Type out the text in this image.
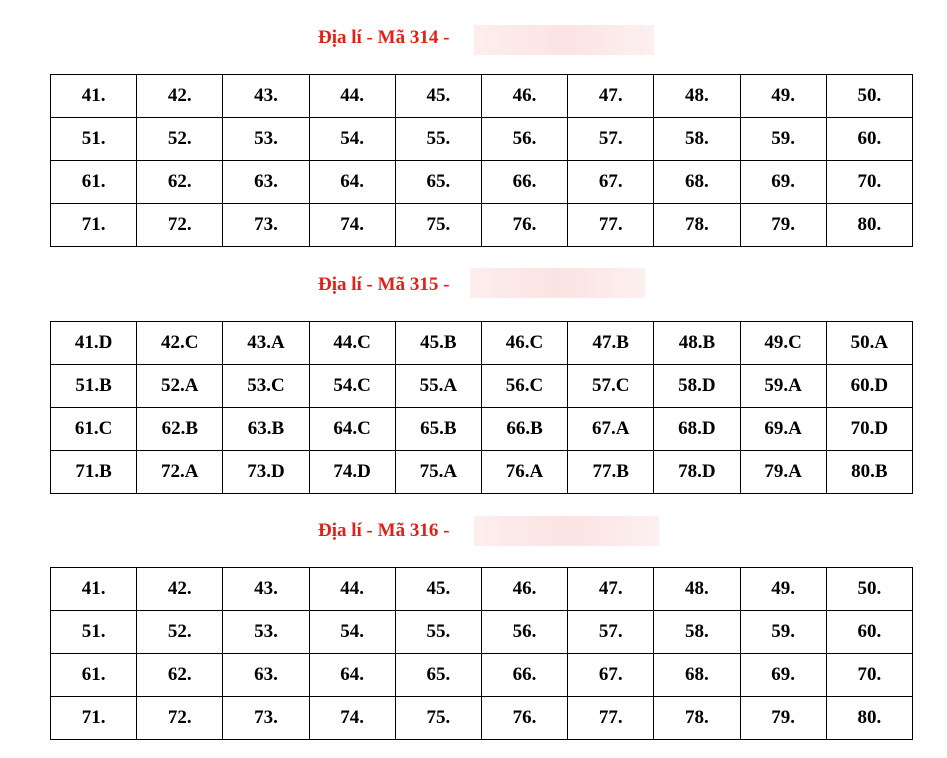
Địa lí - Mã 314 -
41.	42.	43.	44.	45.	46.	47.	48.	49.	50.
51.	52.	53.	54.	55.	56.	57.	58.	59.	60.
61.	62.	63.	64.	65.	66.	67.	68.	69.	70.
71.	72.	73.	74.	75.	76.	77.	78.	79.	80.
Địa lí - Mã 315 -
41.D	42.C	43.A	44.C	45.B	46.C	47.B	48.B	49.C	50.A
51.B	52.A	53.C	54.C	55.A	56.C	57.C	58.D	59.A	60.D
61.C	62.B	63.B	64.C	65.B	66.B	67.A	68.D	69.A	70.D
71.B	72.A	73.D	74.D	75.A	76.A	77.B	78.D	79.A	80.B
Địa lí - Mã 316 -
41.	42.	43.	44.	45.	46.	47.	48.	49.	50.
51.	52.	53.	54.	55.	56.	57.	58.	59.	60.
61.	62.	63.	64.	65.	66.	67.	68.	69.	70.
71.	72.	73.	74.	75.	76.	77.	78.	79.	80.
